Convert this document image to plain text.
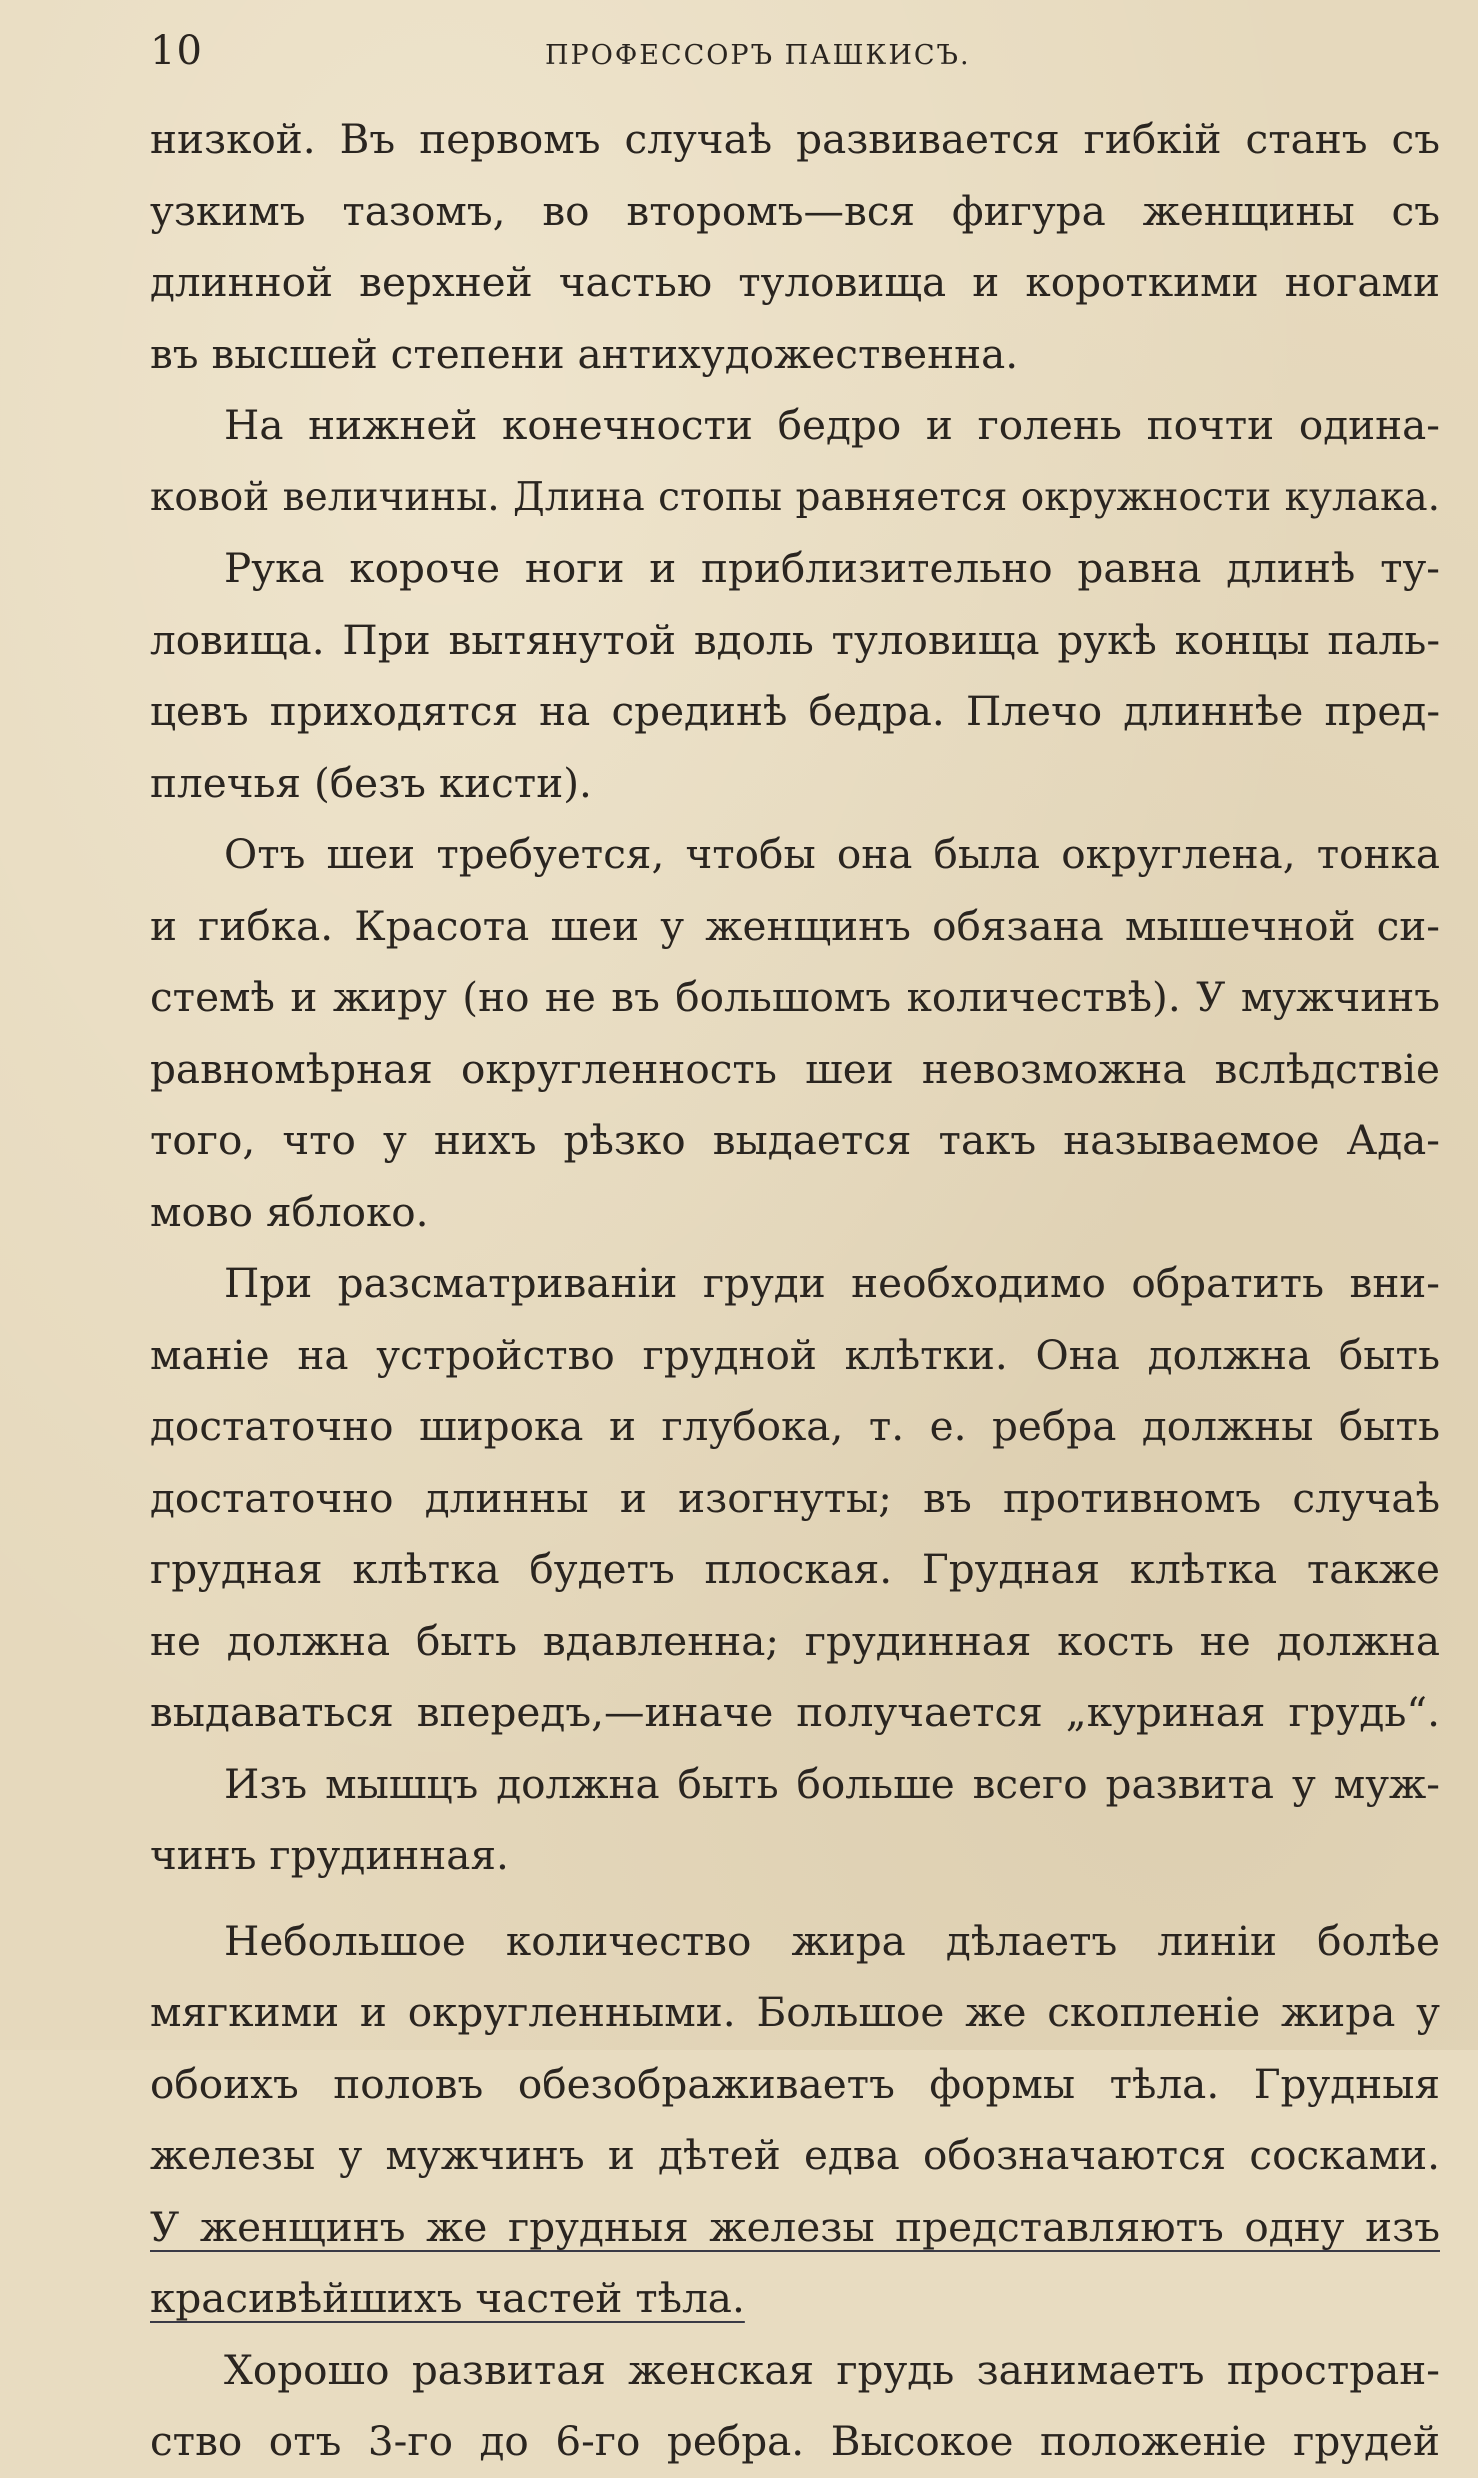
10	ПРОФЕССОРЪ ПАШКИСЪ.
низкой. Въ первомъ случаѣ развивается гибкій станъ съ
узкимъ тазомъ, во второмъ—вся фигура женщины съ
длинной верхней частью туловища и короткими ногами
въ высшей степени антихудожественна.
На нижней конечности бедро и голень почти одина-
ковой величины. Длина стопы равняется окружности кулака.
Рука короче ноги и приблизительно равна длинѣ ту-
ловища. При вытянутой вдоль туловища рукѣ концы паль-
цевъ приходятся на срединѣ бедра. Плечо длиннѣе пред-
плечья (безъ кисти).
Отъ шеи требуется, чтобы она была округлена, тонка
и гибка. Красота шеи у женщинъ обязана мышечной си-
стемѣ и жиру (но не въ большомъ количествѣ). У мужчинъ
равномѣрная округленность шеи невозможна вслѣдствіе
того, что у нихъ рѣзко выдается такъ называемое Ада-
мово яблоко.
При разсматриваніи груди необходимо обратить вни-
маніе на устройство грудной клѣтки. Она должна быть
достаточно широка и глубока, т. е. ребра должны быть
достаточно длинны и изогнуты; въ противномъ случаѣ
грудная клѣтка будетъ плоская. Грудная клѣтка также
не должна быть вдавленна; грудинная кость не должна
выдаваться впередъ,—иначе получается „куриная грудь“.
Изъ мышцъ должна быть больше всего развита у муж-
чинъ грудинная.
Небольшое количество жира дѣлаетъ линіи болѣе
мягкими и округленными. Большое же скопленіе жира у
обоихъ половъ обезображиваетъ формы тѣла. Грудныя
железы у мужчинъ и дѣтей едва обозначаются сосками.
У женщинъ же грудныя железы представляютъ одну изъ
красивѣйшихъ частей тѣла.
Хорошо развитая женская грудь занимаетъ простран-
ство отъ 3-го до 6-го ребра. Высокое положеніе грудей
